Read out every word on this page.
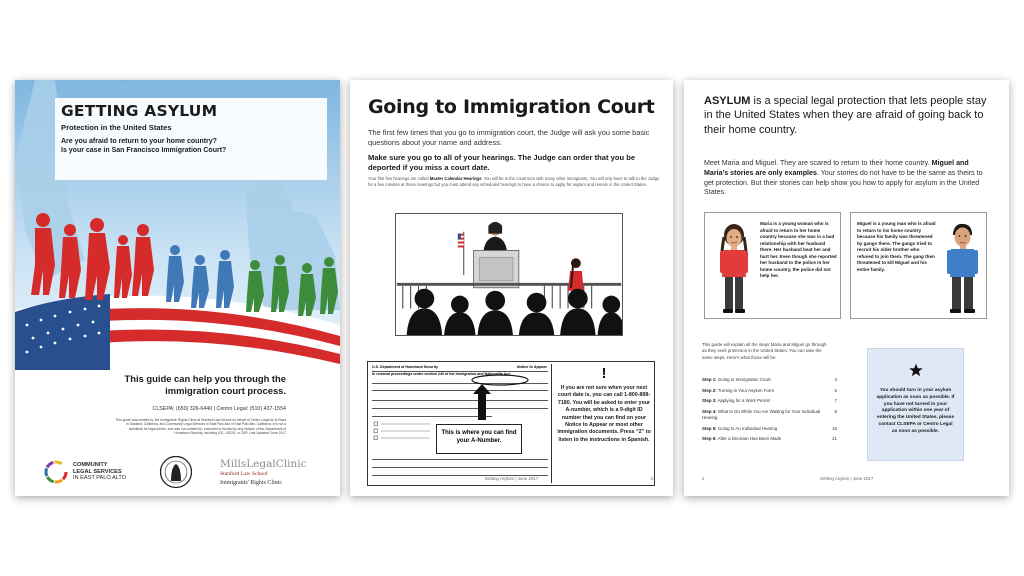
GETTING ASYLUM
Protection in the United States
Are you afraid to return to your home country?
Is your case in San Francisco Immigration Court?
This guide can help you through the immigration court process.
CLSEPA: (650) 326-6440 | Centro Legal: (510) 437-1554
This guide was created by the Immigrants' Rights Clinic at Stanford Law School on behalf of Centro Legal de la Raza in Oakland, California, and Community Legal Services in East Palo Alto in East Palo Alto, California. It is not a substitute for legal advice, and was not created for, endorsed or funded by any division of the Department of Homeland Security, including ICE, USCIS, or CBP. Last Updated: June 2017
COMMUNITY
LEGAL SERVICES
IN EAST PALO ALTO
MillsLegalClinic
Stanford Law School
Immigrants' Rights Clinic
Going to Immigration Court
The first few times that you go to immigration court, the Judge will ask you some basic questions about your name and address.
Make sure you go to all of your hearings. The Judge can order that you be deported if you miss a court date.
Your first few hearings are called Master Calendar Hearings. You will be in the courtroom with many other immigrants. You will only have to talk to the Judge for a few minutes at these hearings but you must attend any scheduled hearings to have a chance to apply for asylum and remain in the United States.
U.S. Department of Homeland Security	Notice to Appear
In removal proceedings under section 240 of the Immigration and Nationality Act:
This is where you can find your A-Number.
!
If you are not sure when your next court date is, you can call 1-800-898-7180. You will be asked to enter your A-number, which is a 9-digit ID number that you can find on your Notice to Appear or most other immigration documents. Press “2” to listen to the instructions in Spanish.
Getting Asylum | June 2017	3
ASYLUM is a special legal protection that lets people stay in the United States when they are afraid of going back to their home country.
Meet Maria and Miguel. They are scared to return to their home country. Miguel and Maria’s stories are only examples. Your stories do not have to be the same as theirs to get protection. But their stories can help show you how to apply for asylum in the United States.
Maria is a young woman who is afraid to return to her home country because she was in a bad relationship with her husband there. Her husband beat her and hurt her. Even though she reported her husband to the police in her home country, the police did not help her.
Miguel is a young man who is afraid to return to his home country because his family was threatened by gangs there. The gangs tried to recruit his older brother who refused to join them. The gang then threatened to kill Miguel and his entire family.
This guide will explain all the steps Maria and Miguel go through as they seek protection in the United States. You can take the same steps. Here's what those will be:
Step 1: Going to Immigration Court	3
Step 2: Turning in Your Asylum Form	5
Step 3: Applying for a Work Permit	7
Step 4: What to Do While You Are Waiting for Your Individual Hearing
8
Step 5: Going to An Individual Hearing	16
Step 6: After a Decision Has Been Made	21
You should turn in your asylum application as soon as possible. If you have not turned in your application within one year of entering the United States, please contact CLSEPA or Centro Legal as soon as possible.
2	Getting Asylum | June 2017
